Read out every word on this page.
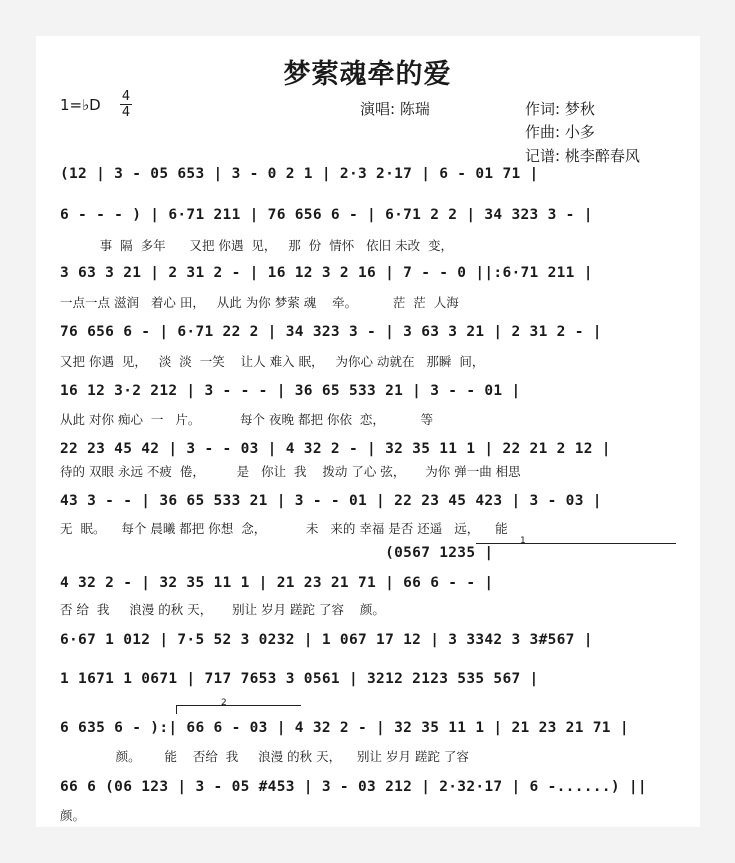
梦萦魂牵的爱
1=♭D 4
4	演唱: 陈瑞	作词: 梦秋
作曲: 小多
记谱: 桃李醉春风
(12 | 3 - 05 653 | 3 - 0 2 1 | 2·3 2·17 | 6 - 01 71 |
6 - - - ) | 6·71 211 | 76 656 6 - | 6·71 2 2 | 34 323 3 - |
事  隔  多年      又把 你遇  见，   那  份  情怀   依旧 未改  变，
3 63 3 21 | 2 31 2 - | 16 12 3 2 16 | 7 - - 0 ||:6·71 211 |
一点一点 滋润   着心 田，   从此 为你 梦萦 魂    牵。         茫  茫  人海
76 656 6 - | 6·71 22 2 | 34 323 3 - | 3 63 3 21 | 2 31 2 - |
又把 你遇  见，   淡  淡  一笑    让人 难入 眠，   为你心 动就在   那瞬  间，
16 12 3·2 212 | 3 - - - | 36 65 533 21 | 3 - - 01 |
从此 对你 痴心  一   片。          每个 夜晚 都把 你依  恋，         等
22 23 45 42 | 3 - - 03 | 4 32 2 - | 32 35 11 1 | 22 21 2 12 |
待的 双眼 永远 不疲  倦，        是   你让  我    拨动 了心 弦，     为你 弹一曲 相思
43 3 - - | 36 65 533 21 | 3 - - 01 | 22 23 45 423 | 3 - 03 |
无  眠。    每个 晨曦 都把 你想  念，          未   来的 幸福 是否 还遥   远，    能
1
(0567 1235 |
4 32 2 - | 32 35 11 1 | 21 23 21 71 | 66 6 - - |
否 给  我     浪漫 的秋 天，     别让 岁月 蹉跎 了容    颜。
6·67 1 012 | 7·5 52 3 0232 | 1 067 17 12 | 3 3342 3 3#567 |
1 1671 1 0671 | 717 7653 3 0561 | 3212 2123 535 567 |
2
6 635 6 - ):| 66 6 - 03 | 4 32 2 - | 32 35 11 1 | 21 23 21 71 |
颜。      能    否给  我     浪漫 的秋 天，    别让 岁月 蹉跎 了容
66 6 (06 123 | 3 - 05 #453 | 3 - 03 212 | 2·32·17 | 6 -......) ||
颜。
